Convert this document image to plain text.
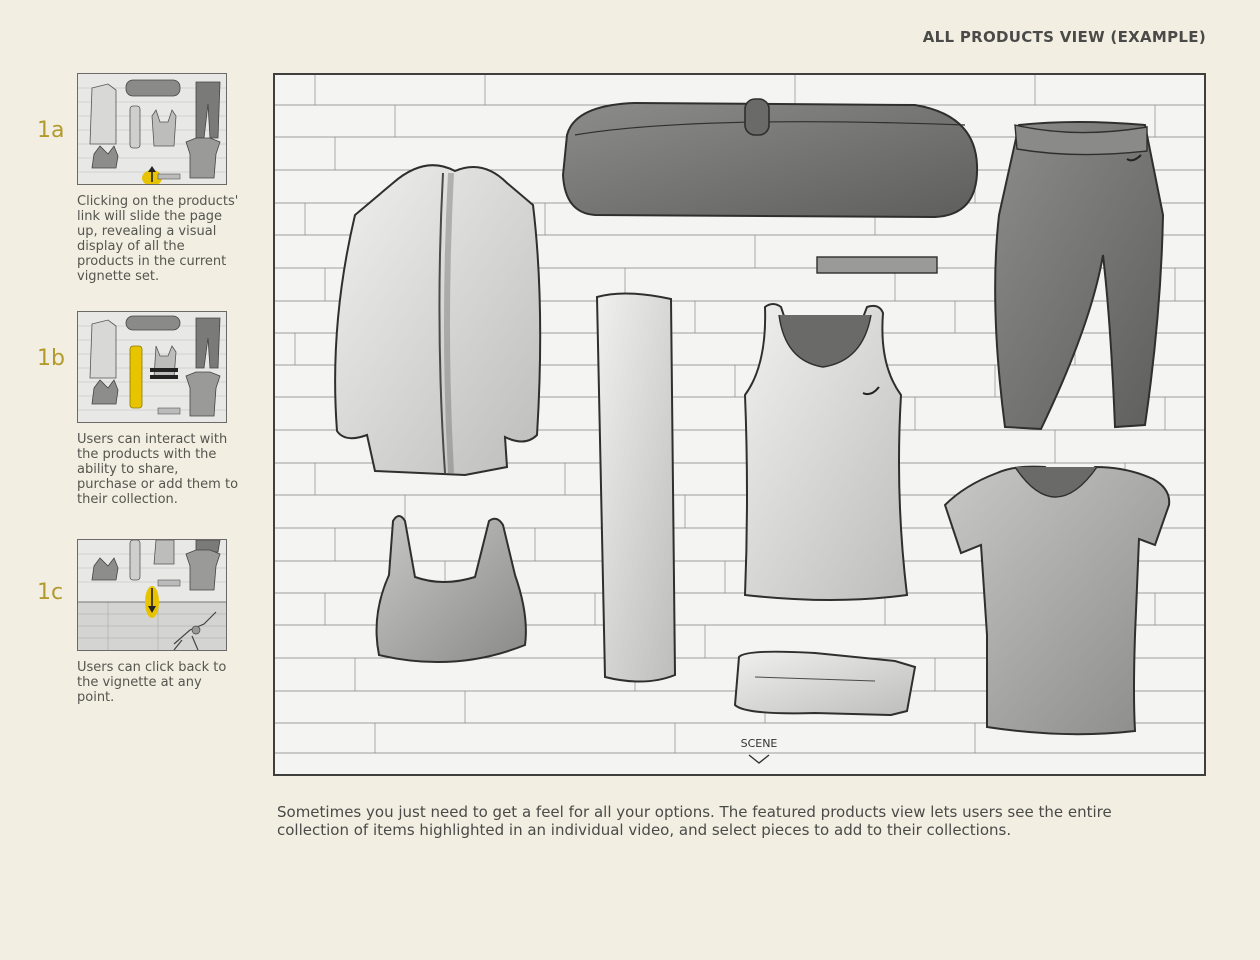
ALL PRODUCTS VIEW (EXAMPLE)
1a
Clicking on the products' link will slide the page up, revealing a visual display of all the products in the current vignette set.
1b
Users can interact with the products with the ability to share, purchase or add them to their collection.
1c
Users can click back to the vignette at any point.
SCENE
Sometimes you just need to get a feel for all your options. The featured products view lets users see the entire collection of items highlighted in an individual video, and select pieces to add to their collections.
